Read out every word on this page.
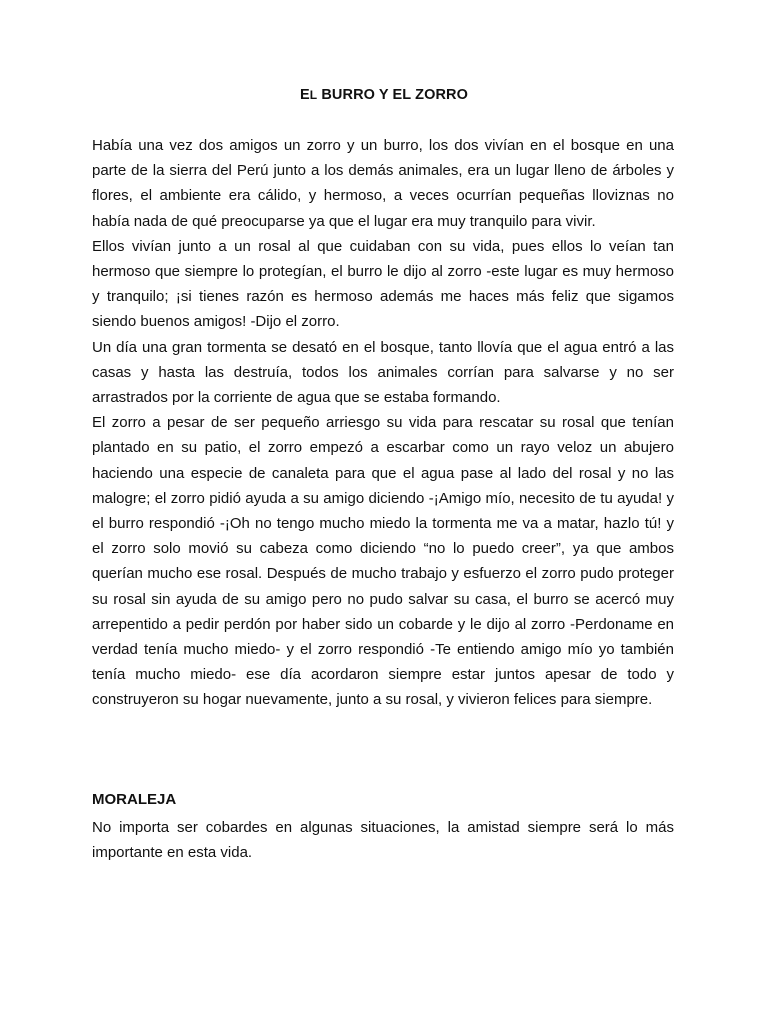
EL BURRO Y EL ZORRO

Había una vez dos amigos un zorro y un burro, los dos vivían en el bosque en una parte de la sierra del Perú junto a los demás animales, era un lugar lleno de árboles y flores, el ambiente era cálido, y hermoso, a veces ocurrían pequeñas lloviznas no había nada de qué preocuparse ya que el lugar era muy tranquilo para vivir.

Ellos vivían junto a un rosal al que cuidaban con su vida, pues ellos lo veían tan hermoso que siempre lo protegían, el burro le dijo al zorro -este lugar es muy hermoso y tranquilo; ¡si tienes razón es hermoso además me haces más feliz que sigamos siendo buenos amigos! -Dijo el zorro.

Un día una gran tormenta se desató en el bosque, tanto llovía que el agua entró a las casas y hasta las destruía, todos los animales corrían para salvarse y no ser arrastrados por la corriente de agua que se estaba formando.

El zorro a pesar de ser pequeño arriesgo su vida para rescatar su rosal que tenían plantado en su patio, el zorro empezó a escarbar como un rayo veloz un abujero haciendo una especie de canaleta para que el agua pase al lado del rosal y no las malogre; el zorro pidió ayuda a su amigo diciendo -¡Amigo mío, necesito de tu ayuda! y el burro respondió -¡Oh no tengo mucho miedo la tormenta me va a matar, hazlo tú! y el zorro solo movió su cabeza como diciendo “no lo puedo creer”, ya que ambos querían mucho ese rosal. Después de mucho trabajo y esfuerzo el zorro pudo proteger su rosal sin ayuda de su amigo pero no pudo salvar su casa, el burro se acercó muy arrepentido a pedir perdón por haber sido un cobarde y le dijo al zorro -Perdoname en verdad tenía mucho miedo- y el zorro respondió -Te entiendo amigo mío yo también tenía mucho miedo- ese día acordaron siempre estar juntos apesar de todo y construyeron su hogar nuevamente, junto a su rosal, y vivieron felices para siempre.

MORALEJA

No importa ser cobardes en algunas situaciones, la amistad siempre será lo más importante en esta vida.
